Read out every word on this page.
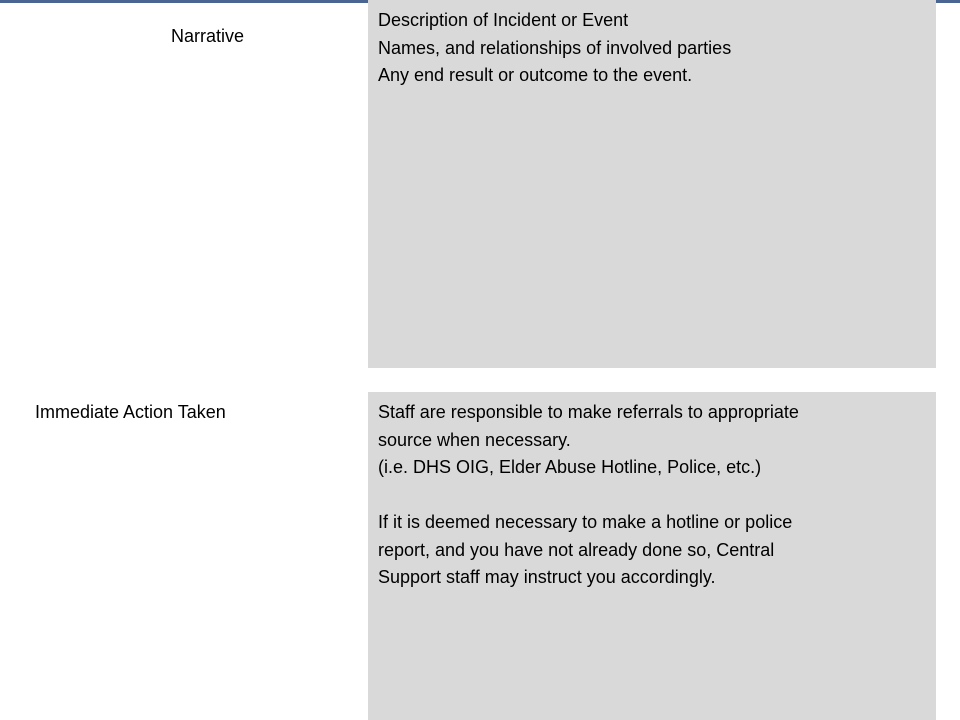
Narrative
Description of Incident or Event
Names, and relationships of involved parties
Any end result or outcome to the event.
Immediate Action Taken	Staff are responsible to make referrals to appropriate
source when necessary.
(i.e. DHS OIG, Elder Abuse Hotline, Police, etc.)
If it is deemed necessary to make a hotline or police
report, and you have not already done so, Central
Support staff may instruct you accordingly.
